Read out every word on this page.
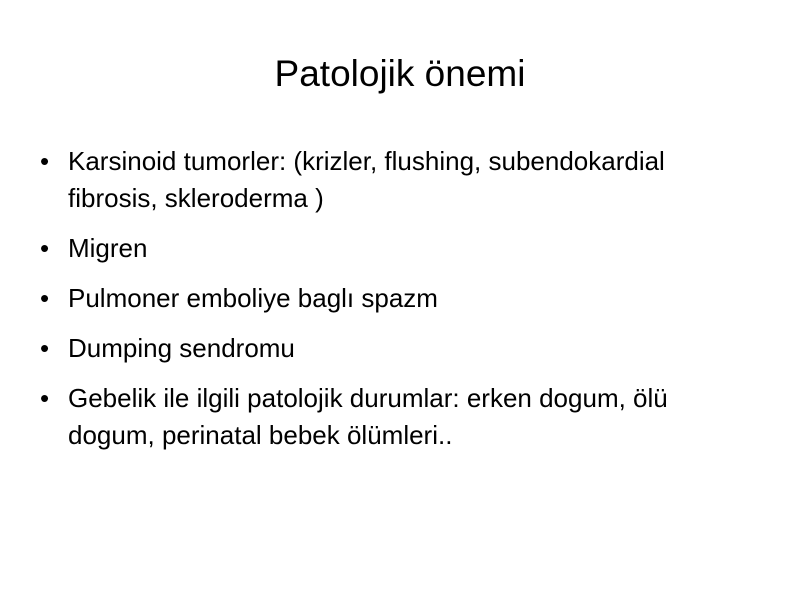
Patolojik önemi
• Karsinoid tumorler: (krizler, flushing, subendokardial fibrosis, skleroderma )
• Migren
• Pulmoner emboliye baglı spazm
• Dumping sendromu
• Gebelik ile ilgili patolojik durumlar: erken dogum, ölü dogum, perinatal bebek ölümleri..
